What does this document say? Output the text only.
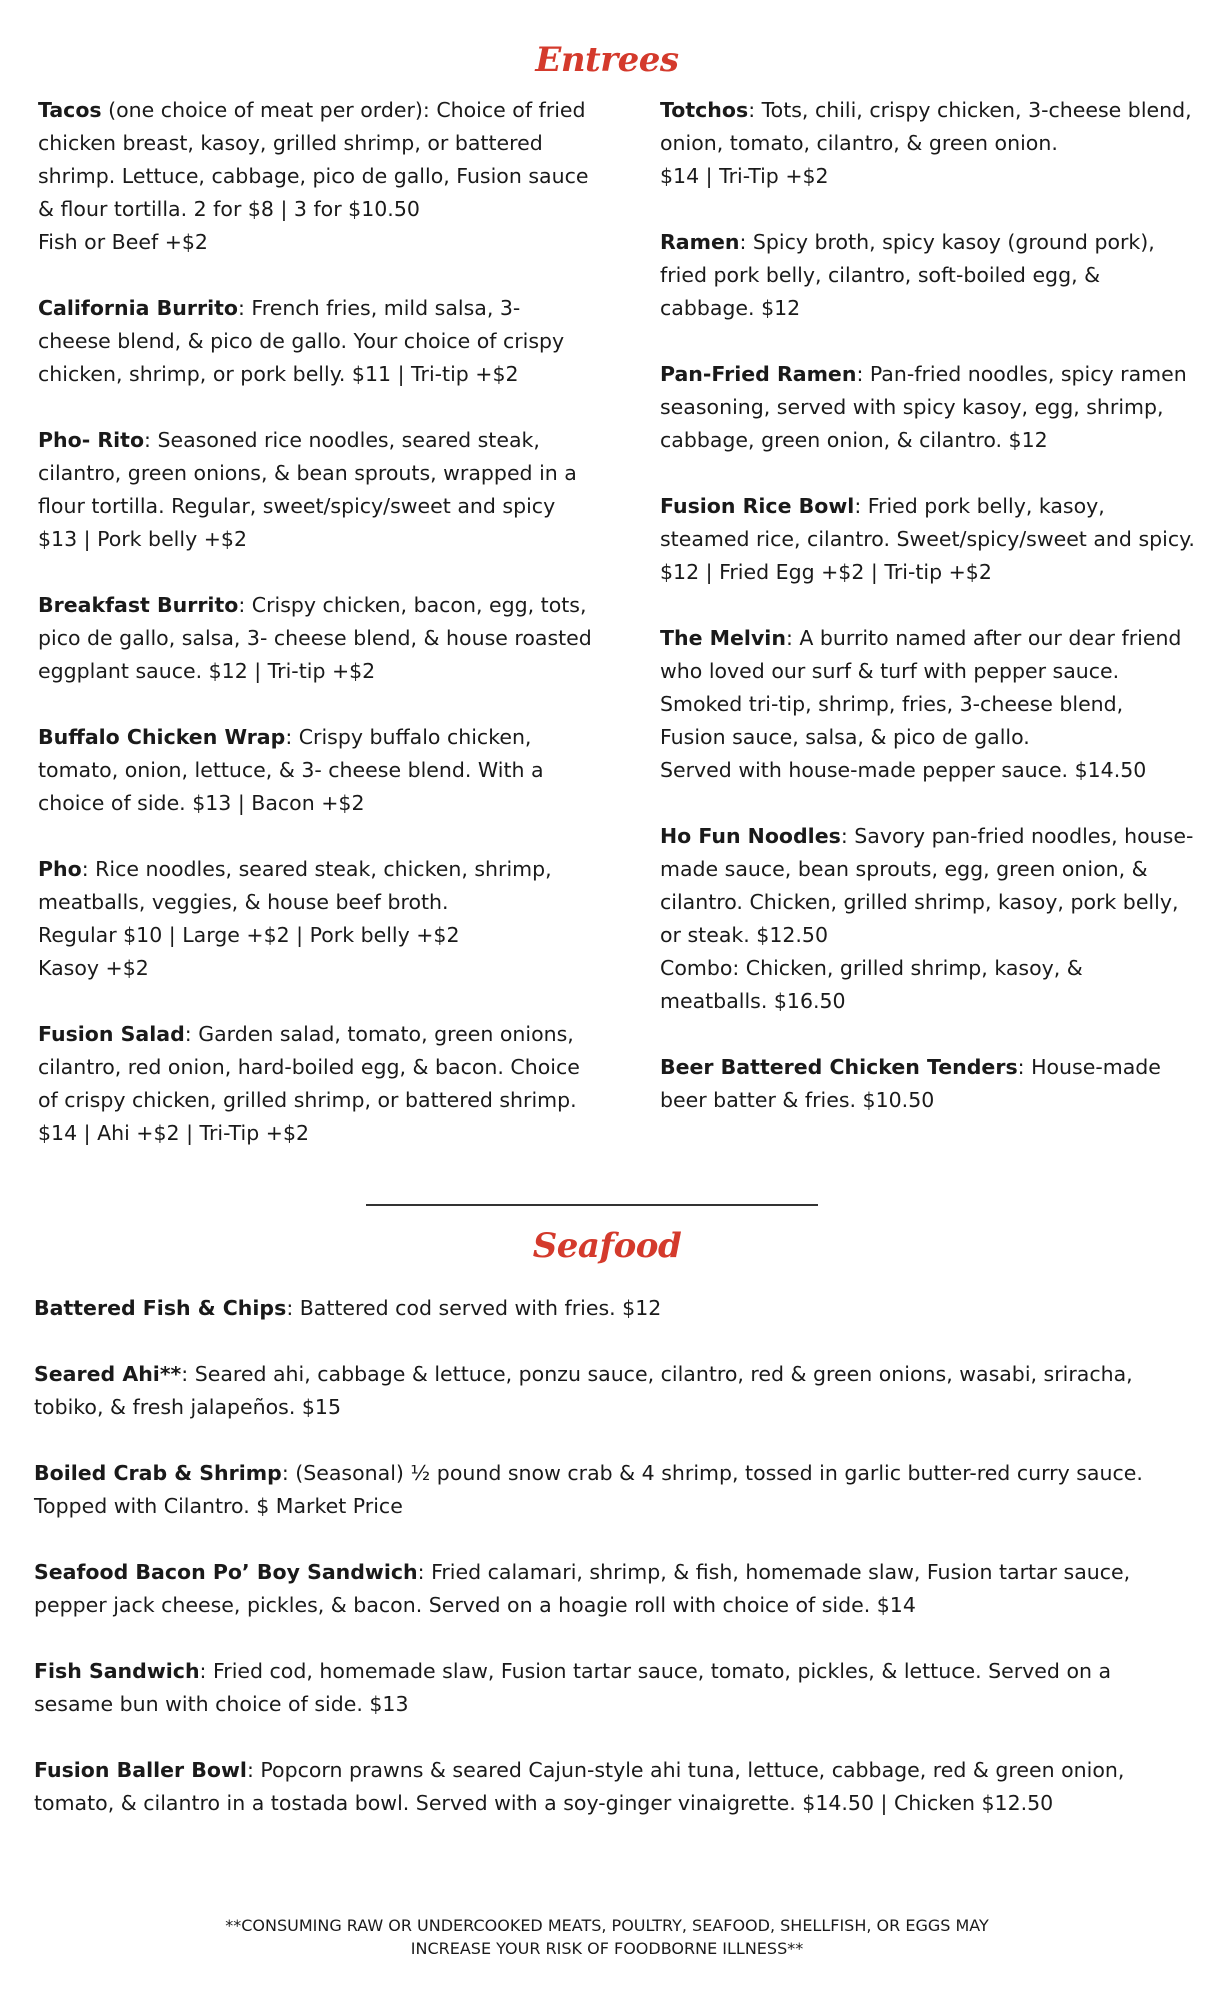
Entrees
Tacos (one choice of meat per order): Choice of fried chicken breast, kasoy, grilled shrimp, or battered shrimp. Lettuce, cabbage, pico de gallo, Fusion sauce & flour tortilla. 2 for $8 | 3 for $10.50
Fish or Beef +$2
California Burrito: French fries, mild salsa, 3- cheese blend, & pico de gallo. Your choice of crispy chicken, shrimp, or pork belly. $11 | Tri-tip +$2
Pho- Rito: Seasoned rice noodles, seared steak, cilantro, green onions, & bean sprouts, wrapped in a flour tortilla. Regular, sweet/spicy/sweet and spicy
$13 | Pork belly +$2
Breakfast Burrito: Crispy chicken, bacon, egg, tots, pico de gallo, salsa, 3- cheese blend, & house roasted eggplant sauce. $12 | Tri-tip +$2
Buffalo Chicken Wrap: Crispy buffalo chicken, tomato, onion, lettuce, & 3- cheese blend. With a choice of side. $13 | Bacon +$2
Pho: Rice noodles, seared steak, chicken, shrimp, meatballs, veggies, & house beef broth.
Regular $10 | Large +$2 | Pork belly +$2
Kasoy +$2
Fusion Salad: Garden salad, tomato, green onions, cilantro, red onion, hard-boiled egg, & bacon. Choice of crispy chicken, grilled shrimp, or battered shrimp. $14 | Ahi +$2 | Tri-Tip +$2
Totchos: Tots, chili, crispy chicken, 3-cheese blend, onion, tomato, cilantro, & green onion.
$14 | Tri-Tip +$2
Ramen: Spicy broth, spicy kasoy (ground pork), fried pork belly, cilantro, soft-boiled egg, & cabbage. $12
Pan-Fried Ramen: Pan-fried noodles, spicy ramen seasoning, served with spicy kasoy, egg, shrimp, cabbage, green onion, & cilantro. $12
Fusion Rice Bowl: Fried pork belly, kasoy, steamed rice, cilantro. Sweet/spicy/sweet and spicy.
$12 | Fried Egg +$2 | Tri-tip +$2
The Melvin: A burrito named after our dear friend who loved our surf & turf with pepper sauce. Smoked tri-tip, shrimp, fries, 3-cheese blend, Fusion sauce, salsa, & pico de gallo.
Served with house-made pepper sauce. $14.50
Ho Fun Noodles: Savory pan-fried noodles, house-made sauce, bean sprouts, egg, green onion, & cilantro. Chicken, grilled shrimp, kasoy, pork belly, or steak. $12.50
Combo: Chicken, grilled shrimp, kasoy, & meatballs. $16.50
Beer Battered Chicken Tenders: House-made beer batter & fries. $10.50
Seafood
Battered Fish & Chips: Battered cod served with fries. $12
Seared Ahi**: Seared ahi, cabbage & lettuce, ponzu sauce, cilantro, red & green onions, wasabi, sriracha, tobiko, & fresh jalapeños. $15
Boiled Crab & Shrimp: (Seasonal) ½ pound snow crab & 4 shrimp, tossed in garlic butter-red curry sauce. Topped with Cilantro. $ Market Price
Seafood Bacon Po’ Boy Sandwich: Fried calamari, shrimp, & fish, homemade slaw, Fusion tartar sauce, pepper jack cheese, pickles, & bacon. Served on a hoagie roll with choice of side. $14
Fish Sandwich: Fried cod, homemade slaw, Fusion tartar sauce, tomato, pickles, & lettuce. Served on a sesame bun with choice of side. $13
Fusion Baller Bowl: Popcorn prawns & seared Cajun-style ahi tuna, lettuce, cabbage, red & green onion, tomato, & cilantro in a tostada bowl. Served with a soy-ginger vinaigrette. $14.50 | Chicken $12.50
**CONSUMING RAW OR UNDERCOOKED MEATS, POULTRY, SEAFOOD, SHELLFISH, OR EGGS MAY
INCREASE YOUR RISK OF FOODBORNE ILLNESS**
